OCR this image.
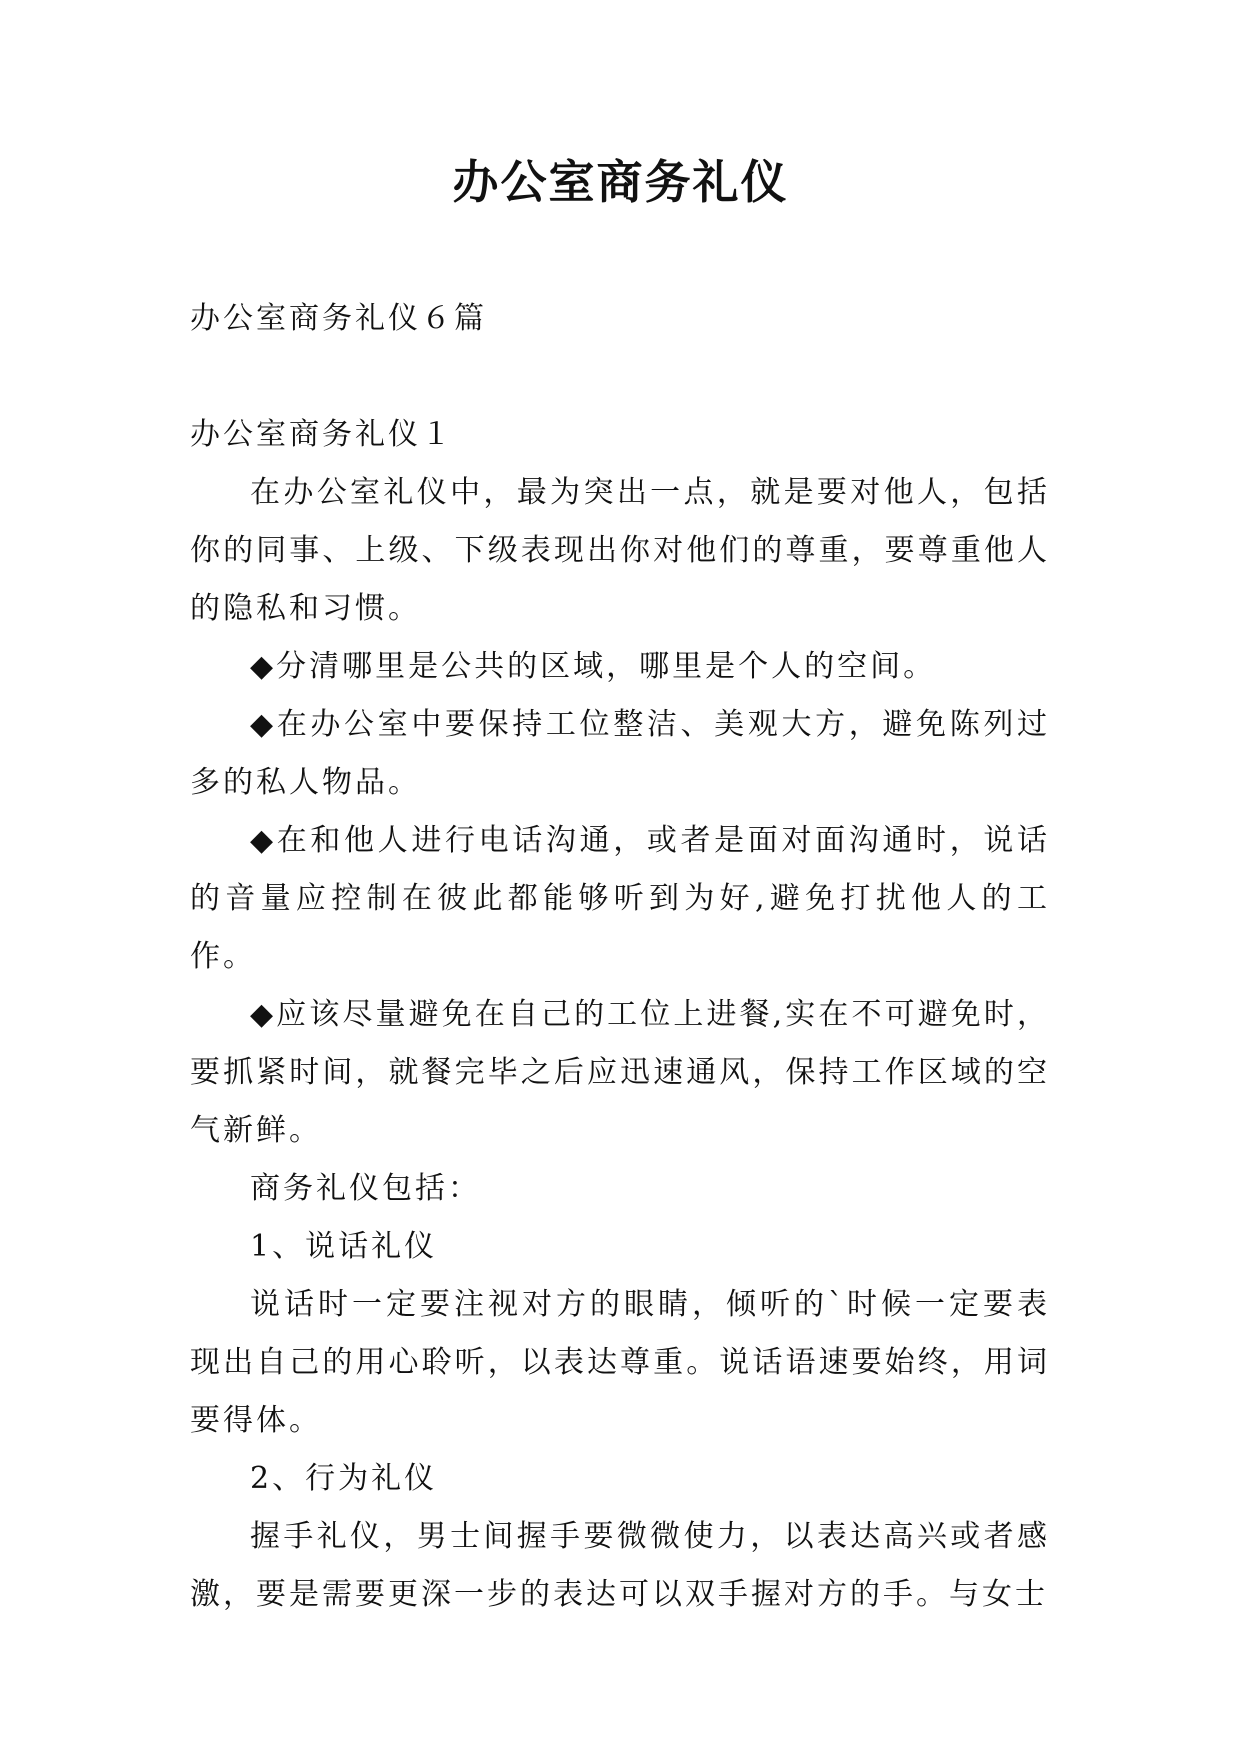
办公室商务礼仪

办公室商务礼仪６篇

办公室商务礼仪１

在办公室礼仪中，最为突出一点，就是要对他人，包括你的同事、上级、下级表现出你对他们的尊重，要尊重他人的隐私和习惯。

◆分清哪里是公共的区域，哪里是个人的空间。

◆在办公室中要保持工位整洁、美观大方，避免陈列过多的私人物品。

◆在和他人进行电话沟通，或者是面对面沟通时，说话的音量应控制在彼此都能够听到为好,避免打扰他人的工作。

◆应该尽量避免在自己的工位上进餐,实在不可避免时，要抓紧时间，就餐完毕之后应迅速通风，保持工作区域的空气新鲜。

商务礼仪包括：

1、说话礼仪

说话时一定要注视对方的眼睛，倾听的`时候一定要表现出自己的用心聆听，以表达尊重。说话语速要始终，用词要得体。

2、行为礼仪

握手礼仪，男士间握手要微微使力，以表达高兴或者感激，要是需要更深一步的表达可以双手握对方的手。与女士
